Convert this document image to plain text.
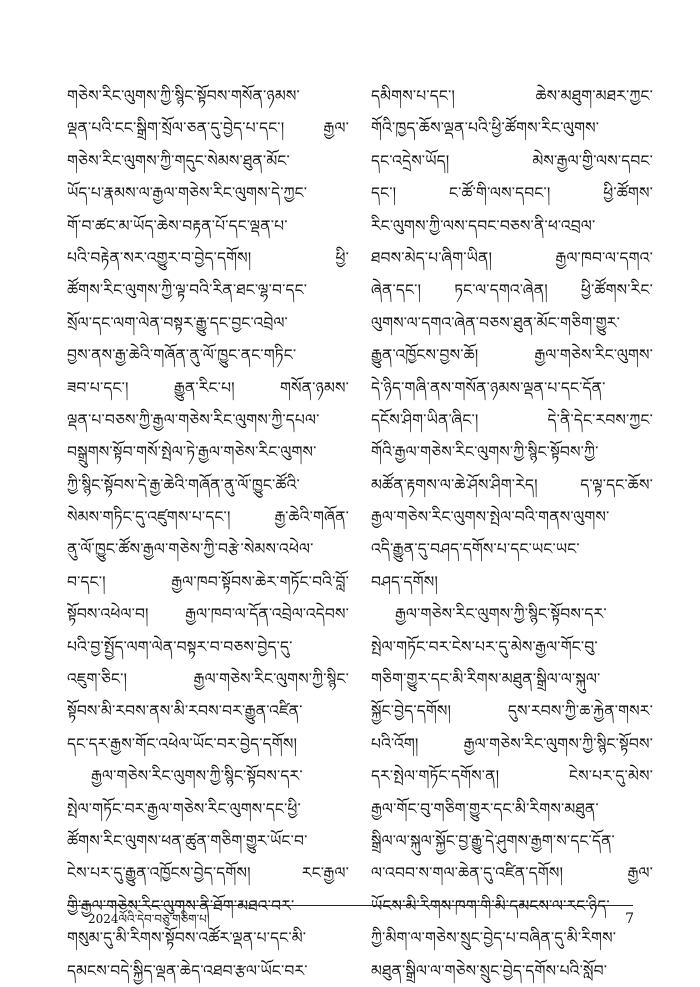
གཅེས་རིང་ལུགས་ཀྱི་སྙིང་སྟོབས་གསོན་ཉམས་
ལྡན་པའི་ངང་སྒྲིག་སྲོལ་ཅན་དུ་བྱེད་པ་དང་། རྒྱལ་
གཅེས་རིང་ལུགས་ཀྱི་གདུང་སེམས་ཐུན་མོང་
ཡོད་པ་རྣམས་ལ་རྒྱལ་གཅེས་རིང་ལུགས་དེ་ཀྱང་
གོ་བ་ཚང་མ་ཡོད་ཆེས་བརྟན་པོ་དང་ལྡན་པ་
པའི་བརྟེན་སར་འགྱུར་བ་བྱེད་དགོས། ཕྱི་
ཚོགས་རིང་ལུགས་ཀྱི་ལྟ་བའི་རིན་ཐང་ལྷ་བ་དང་
སྲོལ་དང་ལག་ལེན་བསྟར་རྒྱུ་དང་བྱང་འབྲེལ་
བྱས་ནས་རྒྱ་ཆེའི་གཞོན་ནུ་ལོ་ཁྱུང་ནང་གཏིང་
ཟབ་པ་དང་། རྒྱུན་རིང་པ། གསོན་ཉམས་
ལྡན་པ་བཅས་ཀྱི་རྒྱལ་གཅེས་རིང་ལུགས་ཀྱི་དཔལ་
བསྒྲུགས་སྟོབ་གསོ་སྤེལ་ཏེ་རྒྱལ་གཅེས་རིང་ལུགས་
ཀྱི་སྙིང་སྟོབས་དེ་རྒྱ་ཆེའི་གཞོན་ནུ་ལོ་ཁྱུང་ཚོའི་
སེམས་གཏིང་དུ་འཛུགས་པ་དང་། རྒྱ་ཆེའི་གཞོན་
ནུ་ལོ་ཁྱུང་ཚོས་རྒྱལ་གཅེས་ཀྱི་བརྩེ་སེམས་འཕེལ་
བ་དང་། རྒྱལ་ཁབ་སྟོབས་ཆེར་གཏོང་བའི་བློ་
སྟོབས་འཕེལ་བ། རྒྱལ་ཁབ་ལ་དོན་འབྲེལ་འདེབས་
པའི་བྱ་སྤྱོད་ལག་ལེན་བསྟར་བ་བཅས་བྱེད་དུ་
འཇུག་ཅིང་། རྒྱལ་གཅེས་རིང་ལུགས་ཀྱི་སྙིང་
སྟོབས་མི་རབས་ནས་མི་རབས་བར་རྒྱུན་འཛིན་
དང་དར་རྒྱས་གོང་འཕེལ་ཡོང་བར་བྱེད་དགོས།
རྒྱལ་གཅེས་རིང་ལུགས་ཀྱི་སྙིང་སྟོབས་དར་
སྤེལ་གཏོང་བར་རྒྱལ་གཅེས་རིང་ལུགས་དང་ཕྱི་
ཚོགས་རིང་ལུགས་ཕན་ཚུན་གཅིག་གྱུར་ཡོང་བ་
ངེས་པར་དུ་རྒྱུན་འཁྱོངས་བྱེད་དགོས། རང་རྒྱལ་
གྱི་རྒྱལ་གཅེས་རིང་ལུགས་ནི་ཐོག་མཐའ་བར་
གསུམ་དུ་མི་རིགས་སྟོབས་འཚོར་ལྡན་པ་དང་མི་
དམངས་བདེ་སྐྱིད་ལྡན་ཆེད་འཐབ་རྩལ་ཡོང་བར་
དམིགས་པ་དང་། ཆེས་མཐུག་མཐར་ཀྱང་
གོའི་ཁྱད་ཆོས་ལྡན་པའི་ཕྱི་ཚོགས་རིང་ལུགས་
དང་འདྲེས་ཡོད། མེས་རྒྱལ་གྱི་ལས་དབང་
དང་། ང་ཚོ་གི་ལས་དབང་། ཕྱི་ཚོགས་
རིང་ལུགས་ཀྱི་ལས་དབང་བཅས་ནི་ཕ་འབྲལ་
ཐབས་མེད་པ་ཞིག་ཡིན། རྒྱལ་ཁབ་ལ་དགའ་
ཞེན་དང་། ཏང་ལ་དགའ་ཞེན། ཕྱི་ཚོགས་རིང་
ལུགས་ལ་དགའ་ཞེན་བཅས་ཐུན་མོང་གཅིག་གྱུར་
རྒྱུན་འཁྱོངས་བྱས་ཆོ། རྒྱལ་གཅེས་རིང་ལུགས་
དེ་ཉིད་གཞི་ནས་གསོན་ཉམས་ལྡན་པ་དང་དོན་
དངོས་ཤིག་ཡིན་ཞིང་། དེ་ནི་དེང་རབས་ཀྱང་
གོའི་རྒྱལ་གཅེས་རིང་ལུགས་ཀྱི་སྙིང་སྟོབས་ཀྱི་
མཚོན་རྟགས་ལ་ཆེ་ཤོས་ཤིག་རེད། ད་ལྟ་དང་ཆོས་
རྒྱལ་གཅེས་རིང་ལུགས་སྤེལ་བའི་གནས་ལུགས་
འདི་རྒྱུན་དུ་བཤད་དགོས་པ་དང་ཡང་ཡང་
བཤད་དགོས།
རྒྱལ་གཅེས་རིང་ལུགས་ཀྱི་སྙིང་སྟོབས་དར་
སྤེལ་གཏོང་བར་ངེས་པར་དུ་མེས་རྒྱལ་གོང་བུ་
གཅིག་གྱུར་དང་མི་རིགས་མཐུན་སྒྲིལ་ལ་སྐུལ་
སྐྱོང་བྱེད་དགོས། དུས་རབས་ཀྱི་ཆ་རྐྱེན་གསར་
པའི་འོག། རྒྱལ་གཅེས་རིང་ལུགས་ཀྱི་སྙིང་སྟོབས་
དར་སྤེལ་གཏོང་དགོས་ན། ངེས་པར་དུ་མེས་
རྒྱལ་གོང་བུ་གཅིག་གྱུར་དང་མི་རིགས་མཐུན་
སྒྲིལ་ལ་སྐུལ་སྐྱོང་བྱ་རྒྱུ་དེ་ཤུགས་རྒྱག་ས་དང་དོན་
ལ་འབབ་ས་གལ་ཆེན་དུ་འཛིན་དགོས། རྒྱལ་
ཡོངས་མི་རིགས་ཁག་གི་མི་དམངས་ལ་རང་ཉིད་
ཀྱི་མིག་ལ་གཅེས་སྲུང་བྱེད་པ་བཞིན་དུ་མི་རིགས་
མཐུན་སྒྲིལ་ལ་གཅེས་སྲུང་བྱེད་དགོས་པའི་སློབ་
2024ལོའི་དེབ་བཅུ་གཅིག་པ།	7
